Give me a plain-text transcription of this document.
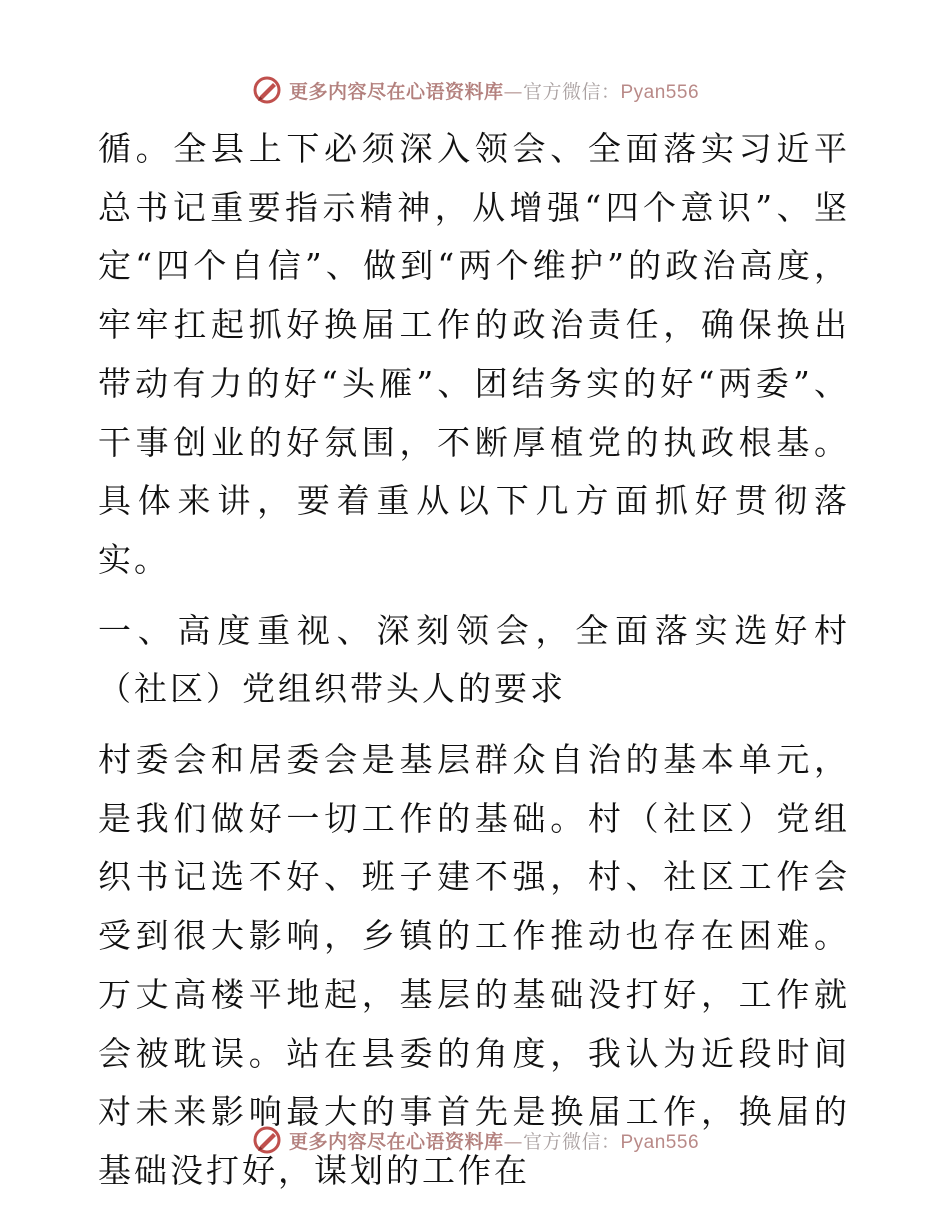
更多内容尽在心语资料库—官方微信：Pyan556

循。全县上下必须深入领会、全面落实习近平总书记重要指示精神，从增强“四个意识”、坚定“四个自信”、做到“两个维护”的政治高度，牢牢扛起抓好换届工作的政治责任，确保换出带动有力的好“头雁”、团结务实的好“两委”、干事创业的好氛围，不断厚植党的执政根基。具体来讲，要着重从以下几方面抓好贯彻落实。

一、高度重视、深刻领会，全面落实选好村（社区）党组织带头人的要求

村委会和居委会是基层群众自治的基本单元，是我们做好一切工作的基础。村（社区）党组织书记选不好、班子建不强，村、社区工作会受到很大影响，乡镇的工作推动也存在困难。万丈高楼平地起，基层的基础没打好，工作就会被耽误。站在县委的角度，我认为近段时间对未来影响最大的事首先是换届工作，换届的基础没打好，谋划的工作在

更多内容尽在心语资料库—官方微信：Pyan556
